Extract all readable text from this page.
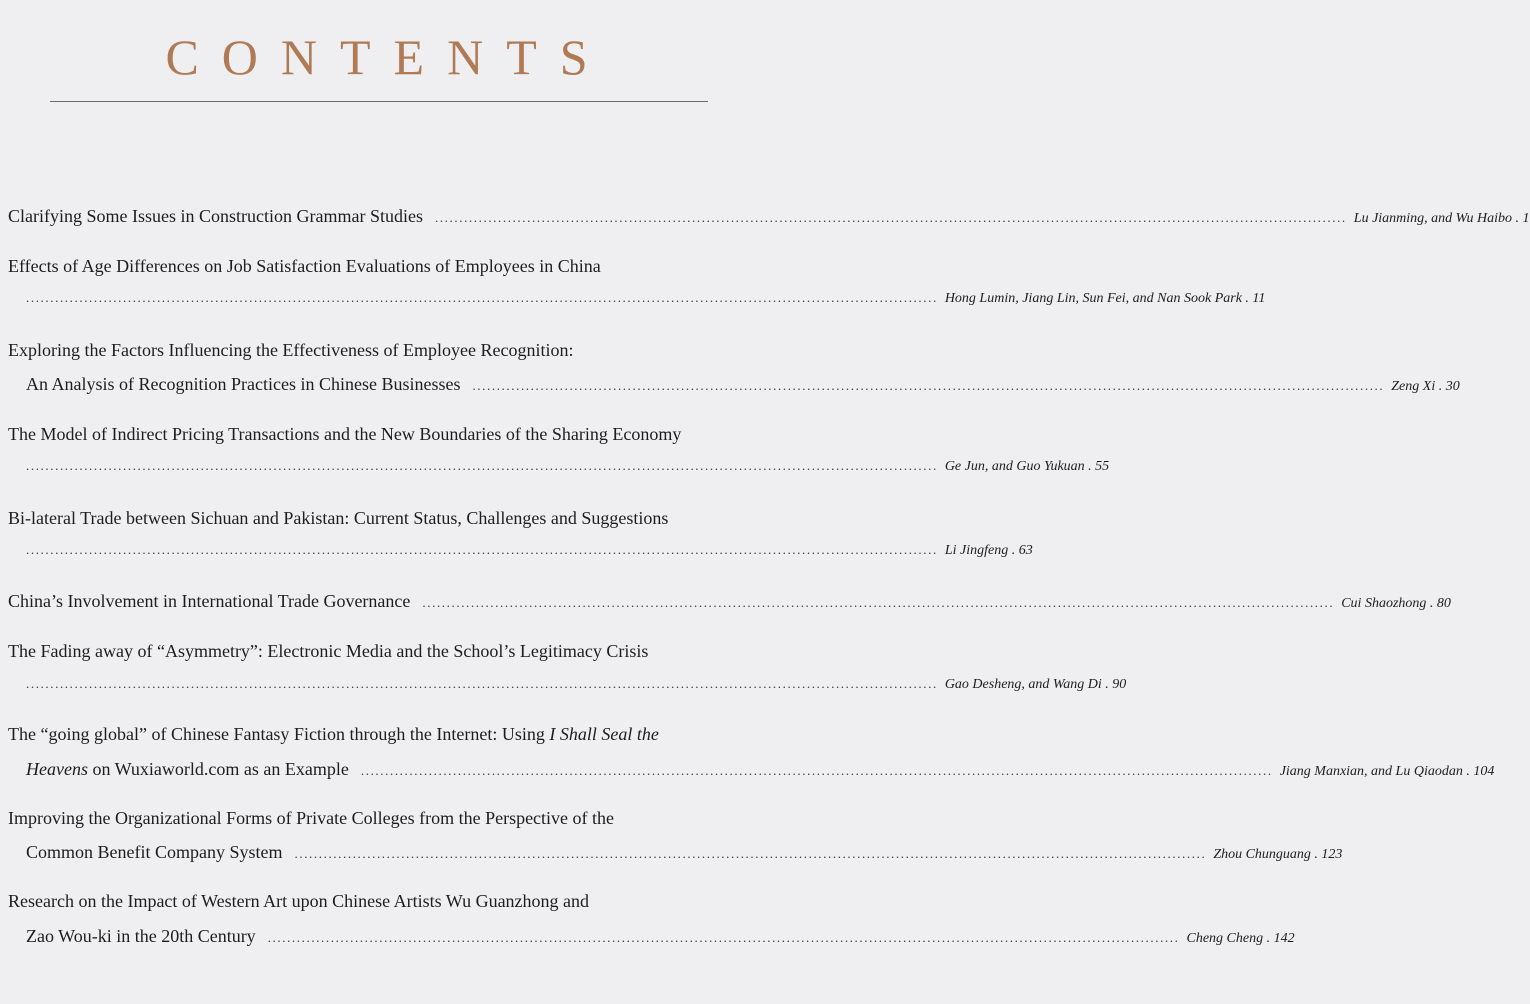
CONTENTS
Clarifying Some Issues in Construction Grammar Studies ............................................................................................................................................................................................ Lu Jianming, and Wu Haibo . 1
Effects of Age Differences on Job Satisfaction Evaluations of Employees in China
............................................................................................................................................................................................ Hong Lumin, Jiang Lin, Sun Fei, and Nan Sook Park . 11
Exploring the Factors Influencing the Effectiveness of Employee Recognition:
An Analysis of Recognition Practices in Chinese Businesses ............................................................................................................................................................................................ Zeng Xi . 30
The Model of Indirect Pricing Transactions and the New Boundaries of the Sharing Economy
............................................................................................................................................................................................ Ge Jun, and Guo Yukuan . 55
Bi-lateral Trade between Sichuan and Pakistan: Current Status, Challenges and Suggestions
............................................................................................................................................................................................ Li Jingfeng . 63
China’s Involvement in International Trade Governance ............................................................................................................................................................................................ Cui Shaozhong . 80
The Fading away of “Asymmetry”: Electronic Media and the School’s Legitimacy Crisis
............................................................................................................................................................................................ Gao Desheng, and Wang Di . 90
The “going global” of Chinese Fantasy Fiction through the Internet: Using I Shall Seal the
Heavens on Wuxiaworld.com as an Example ............................................................................................................................................................................................ Jiang Manxian, and Lu Qiaodan . 104
Improving the Organizational Forms of Private Colleges from the Perspective of the
Common Benefit Company System ............................................................................................................................................................................................ Zhou Chunguang . 123
Research on the Impact of Western Art upon Chinese Artists Wu Guanzhong and
Zao Wou-ki in the 20th Century ............................................................................................................................................................................................ Cheng Cheng . 142
